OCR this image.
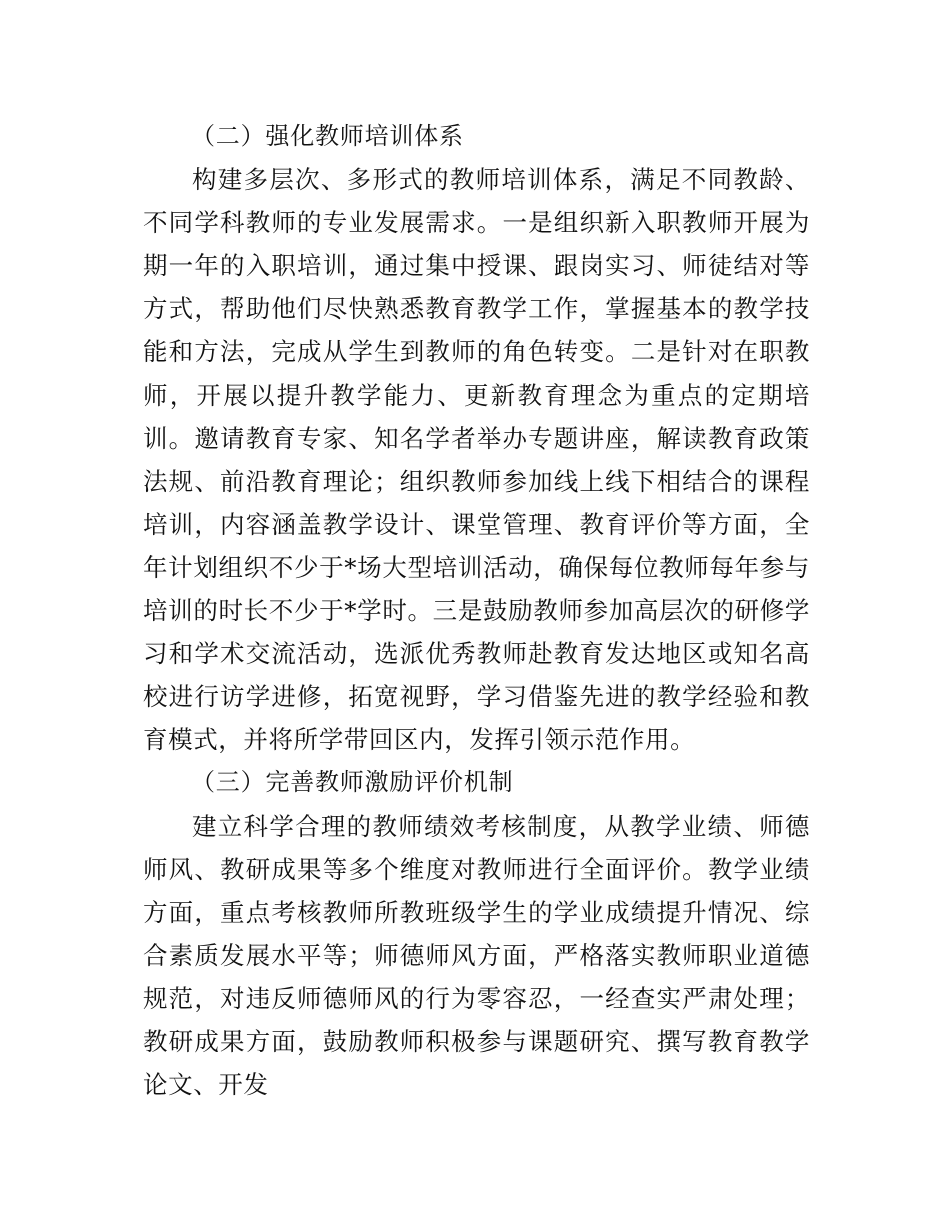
（二）强化教师培训体系

构建多层次、多形式的教师培训体系，满足不同教龄、不同学科教师的专业发展需求。一是组织新入职教师开展为期一年的入职培训，通过集中授课、跟岗实习、师徒结对等方式，帮助他们尽快熟悉教育教学工作，掌握基本的教学技能和方法，完成从学生到教师的角色转变。二是针对在职教师，开展以提升教学能力、更新教育理念为重点的定期培训。邀请教育专家、知名学者举办专题讲座，解读教育政策法规、前沿教育理论；组织教师参加线上线下相结合的课程培训，内容涵盖教学设计、课堂管理、教育评价等方面，全年计划组织不少于*场大型培训活动，确保每位教师每年参与培训的时长不少于*学时。三是鼓励教师参加高层次的研修学习和学术交流活动，选派优秀教师赴教育发达地区或知名高校进行访学进修，拓宽视野，学习借鉴先进的教学经验和教育模式，并将所学带回区内，发挥引领示范作用。

（三）完善教师激励评价机制

建立科学合理的教师绩效考核制度，从教学业绩、师德师风、教研成果等多个维度对教师进行全面评价。教学业绩方面，重点考核教师所教班级学生的学业成绩提升情况、综合素质发展水平等；师德师风方面，严格落实教师职业道德规范，对违反师德师风的行为零容忍，一经查实严肃处理；教研成果方面，鼓励教师积极参与课题研究、撰写教育教学论文、开发
